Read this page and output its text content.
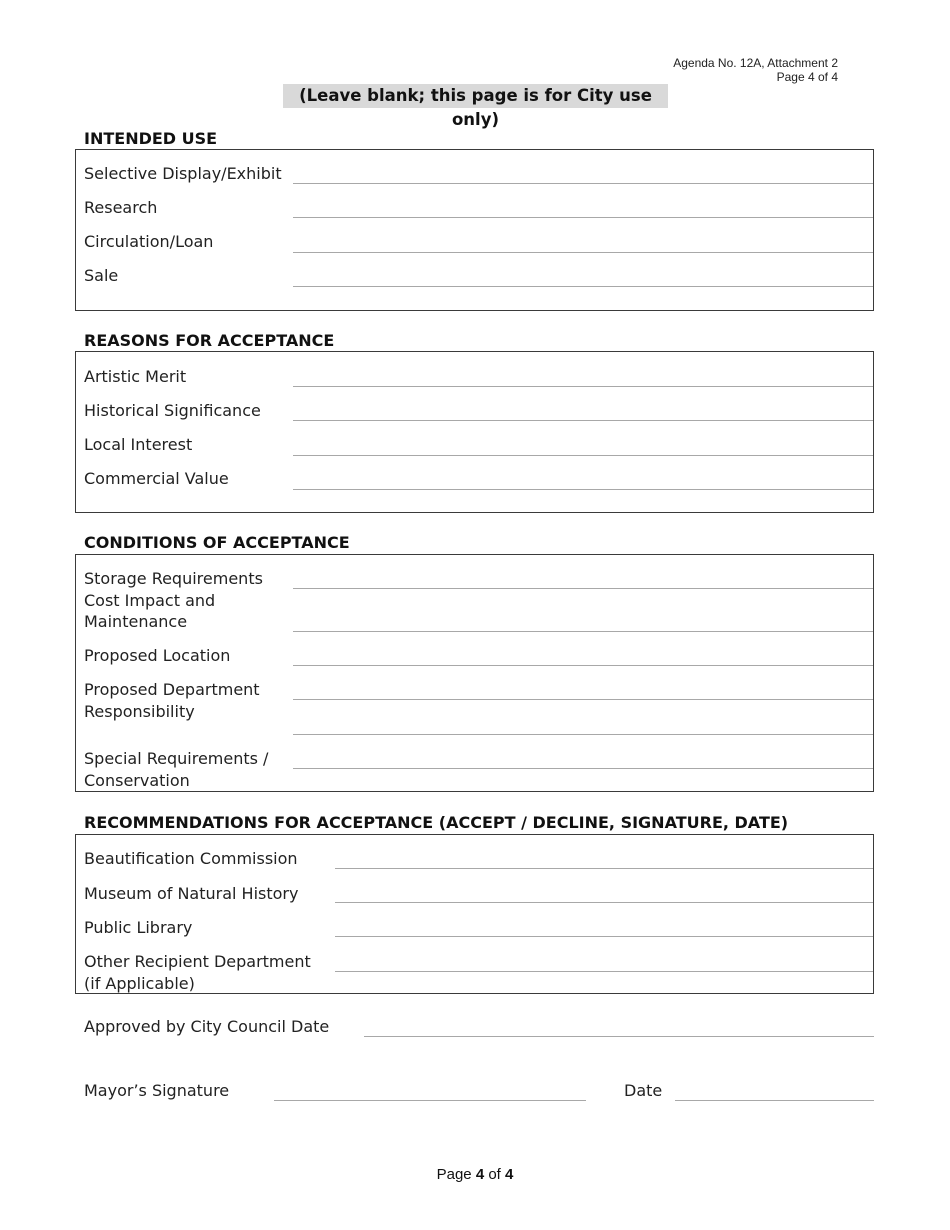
Agenda No. 12A, Attachment 2
Page 4 of 4
(Leave blank; this page is for City use only)
INTENDED USE
Selective Display/Exhibit
Research
Circulation/Loan
Sale
REASONS FOR ACCEPTANCE
Artistic Merit
Historical Significance
Local Interest
Commercial Value
CONDITIONS OF ACCEPTANCE
Storage Requirements
Cost Impact and
Maintenance
Proposed Location
Proposed Department
Responsibility
Special Requirements /
Conservation
RECOMMENDATIONS FOR ACCEPTANCE (ACCEPT / DECLINE, SIGNATURE, DATE)
Beautification Commission
Museum of Natural History
Public Library
Other Recipient Department
(if Applicable)
Approved by City Council Date
Mayor’s Signature	Date
Page 4 of 4
